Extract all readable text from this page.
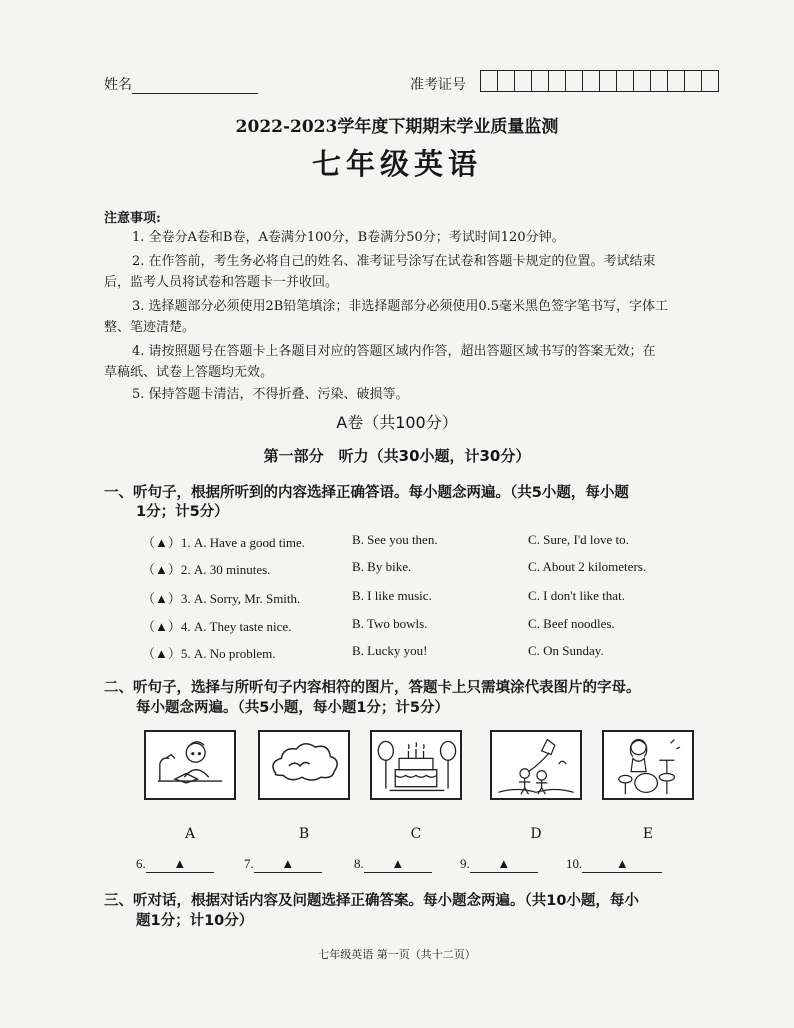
姓名	准考证号
2022-2023学年度下期期末学业质量监测
七年级英语
注意事项:
1. 全卷分A卷和B卷，A卷满分100分，B卷满分50分；考试时间120分钟。
2. 在作答前，考生务必将自己的姓名、准考证号涂写在试卷和答题卡规定的位置。考试结束
后，监考人员将试卷和答题卡一并收回。
3. 选择题部分必须使用2B铅笔填涂；非选择题部分必须使用0.5毫米黑色签字笔书写，字体工
整、笔迹清楚。
4. 请按照题号在答题卡上各题目对应的答题区域内作答，超出答题区域书写的答案无效；在
草稿纸、试卷上答题均无效。
5. 保持答题卡清洁，不得折叠、污染、破损等。
A卷（共100分）
第一部分　听力（共30小题，计30分）
一、听句子，根据所听到的内容选择正确答语。每小题念两遍。（共5小题，每小题
1分；计5分）
（▲）1. A. Have a good time.	B. See you then.	C. Sure, I'd love to.
（▲）2. A. 30 minutes.	B. By bike.	C. About 2 kilometers.
（▲）3. A. Sorry, Mr. Smith.	B. I like music.	C. I don't like that.
（▲）4. A. They taste nice.	B. Two bowls.	C. Beef noodles.
（▲）5. A. No problem.	B. Lucky you!	C. On Sunday.
二、听句子，选择与所听句子内容相符的图片，答题卡上只需填涂代表图片的字母。
每小题念两遍。（共5小题，每小题1分；计5分）
A	B	C	D	E
6. ▲	7. ▲	8. ▲	9. ▲	10.	▲
三、听对话，根据对话内容及问题选择正确答案。每小题念两遍。（共10小题，每小
题1分；计10分）
七年级英语 第一页（共十二页）
